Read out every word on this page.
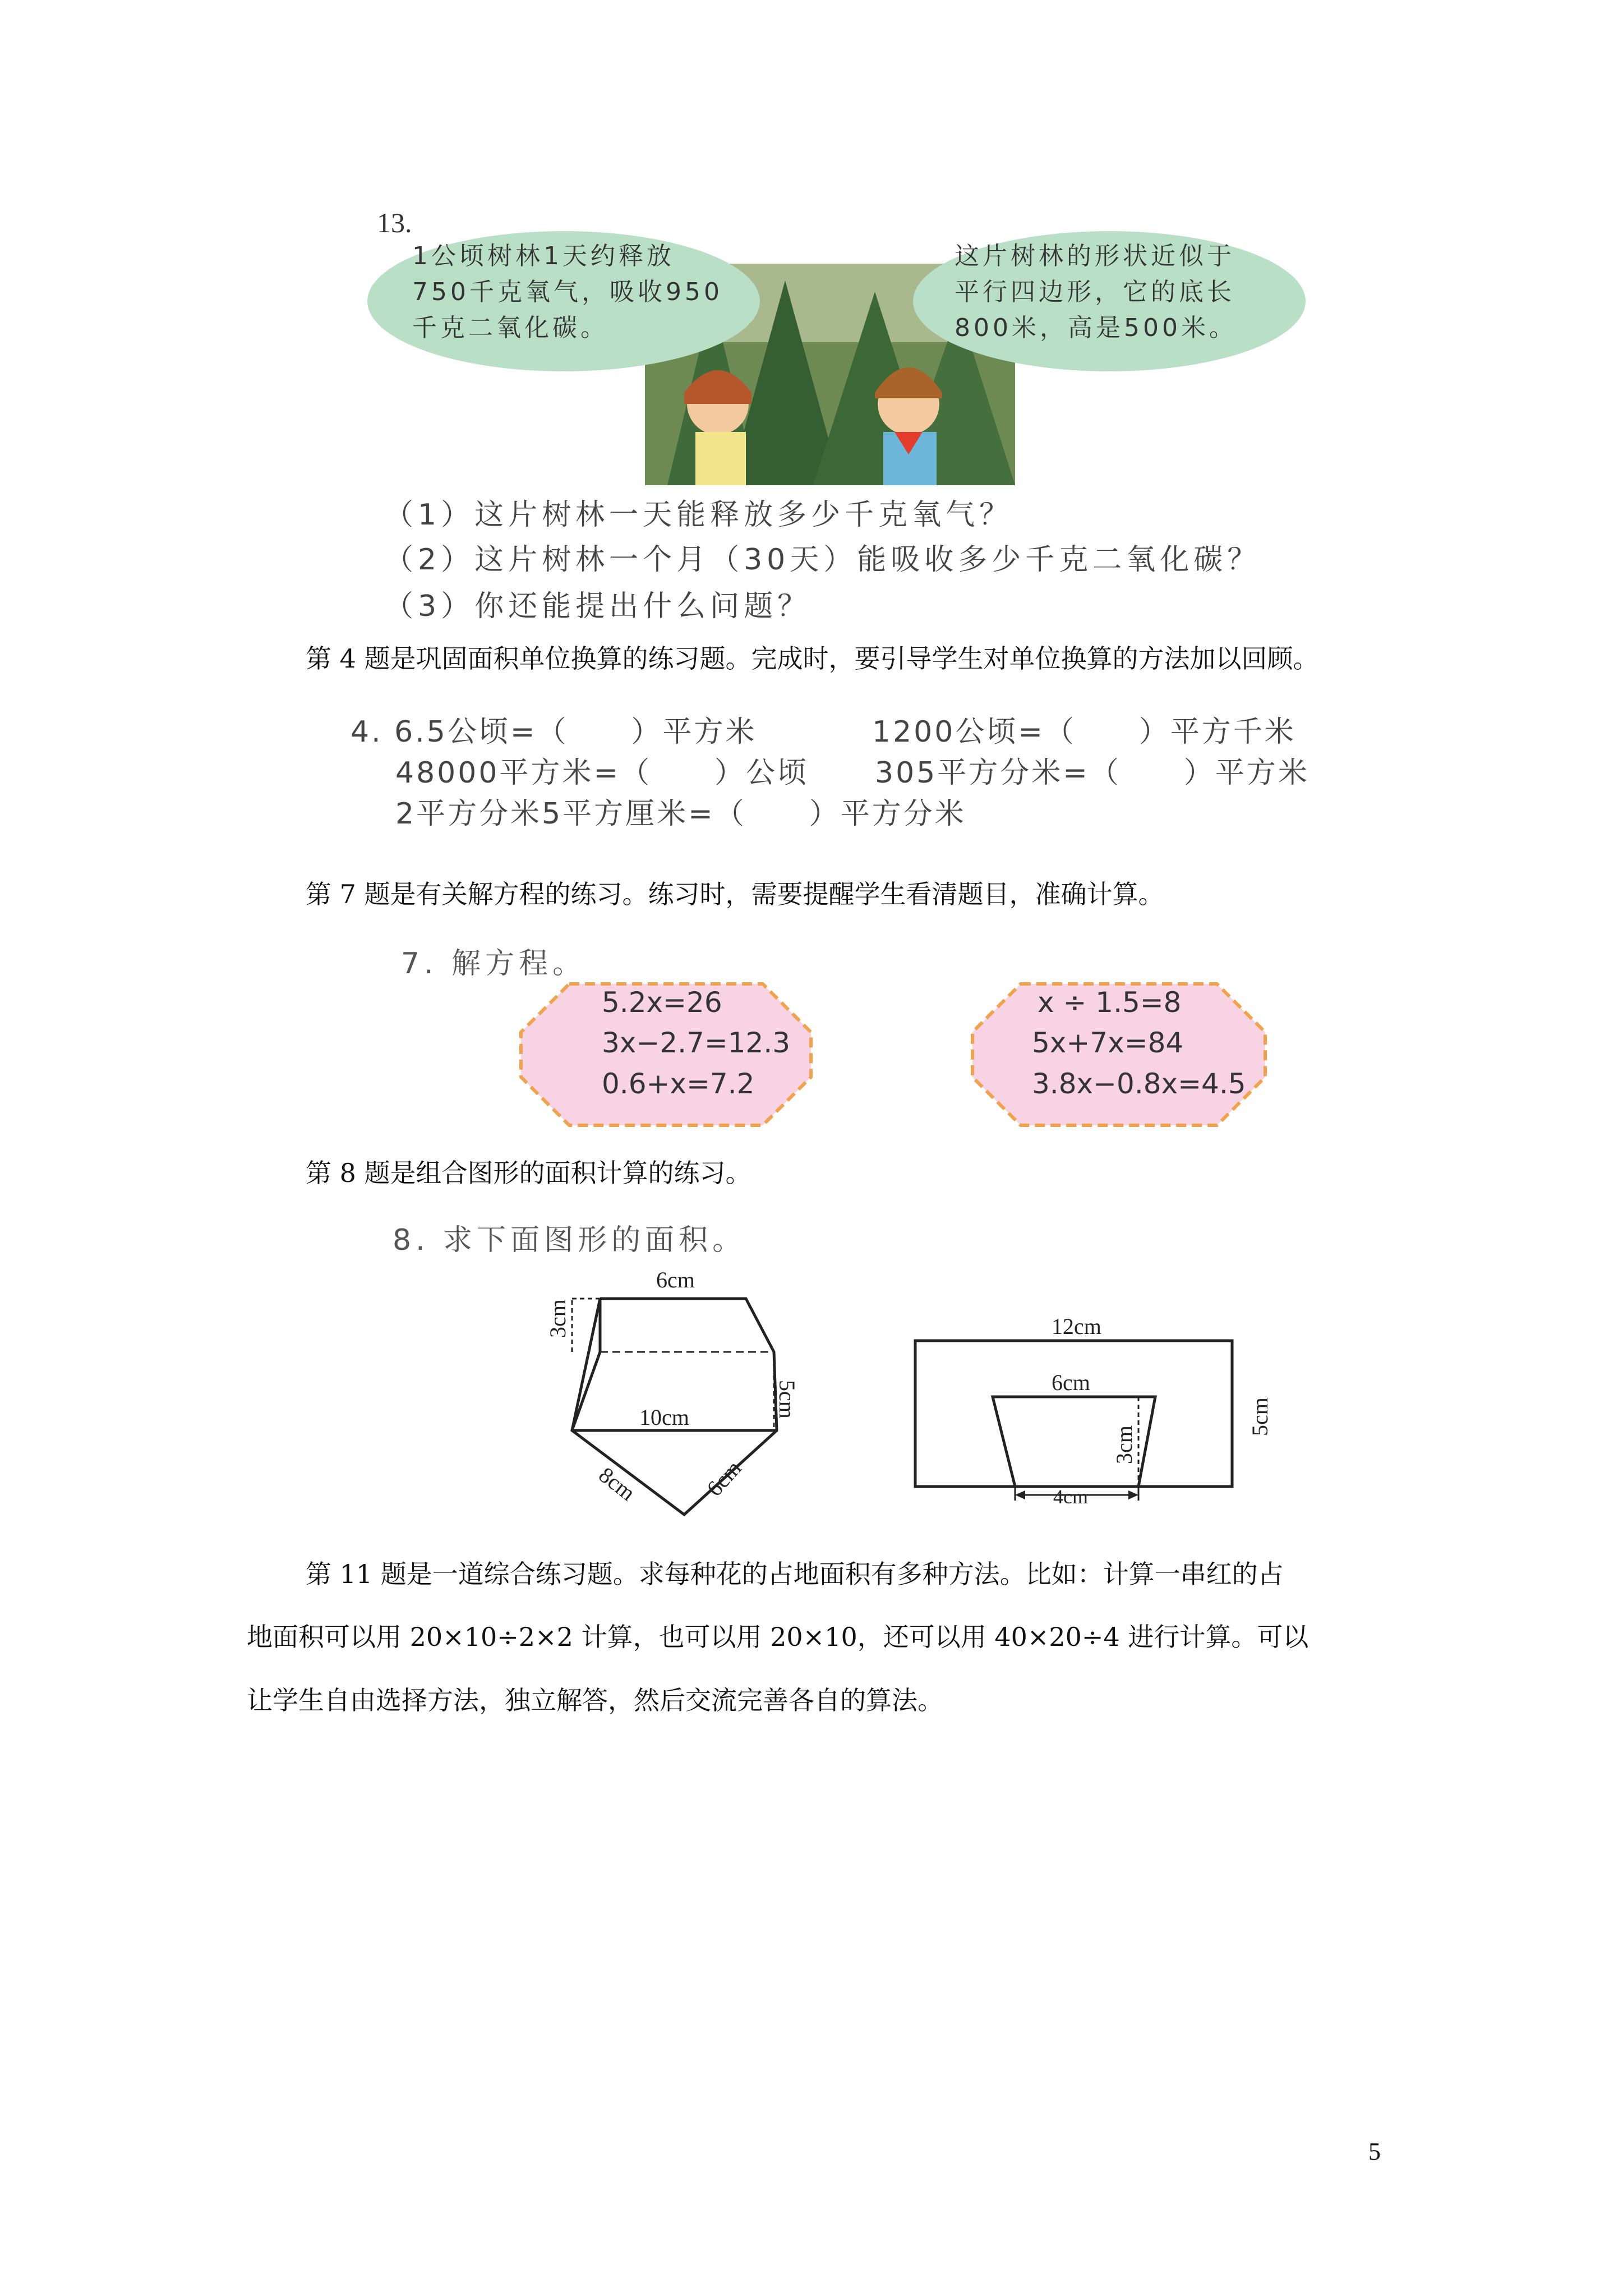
13.
1公顷树林1天约释放
750千克氧气，吸收950
千克二氧化碳。
这片树林的形状近似于
平行四边形，它的底长
800米，高是500米。
（1）这片树林一天能释放多少千克氧气？
（2）这片树林一个月（30天）能吸收多少千克二氧化碳？
（3）你还能提出什么问题？
第 4 题是巩固面积单位换算的练习题。完成时，要引导学生对单位换算的方法加以回顾。
4. 6.5公顷=（　　）平方米	1200公顷=（　　）平方千米
48000平方米=（　　）公顷 305平方分米=（　　）平方米
2平方分米5平方厘米=（　　）平方分米
第 7 题是有关解方程的练习。练习时，需要提醒学生看清题目，准确计算。
7. 解方程。
5.2x=26
3x−2.7=12.3
0.6+x=7.2
x ÷ 1.5=8
5x+7x=84
3.8x−0.8x=4.5
第 8 题是组合图形的面积计算的练习。
8. 求下面图形的面积。
6cm
3cm
5cm
10cm
8cm	6cm
12cm
6cm
3cm
5cm
4cm
第 11 题是一道综合练习题。求每种花的占地面积有多种方法。比如：计算一串红的占
地面积可以用 20×10÷2×2 计算，也可以用 20×10，还可以用 40×20÷4 进行计算。可以
让学生自由选择方法，独立解答，然后交流完善各自的算法。
5
